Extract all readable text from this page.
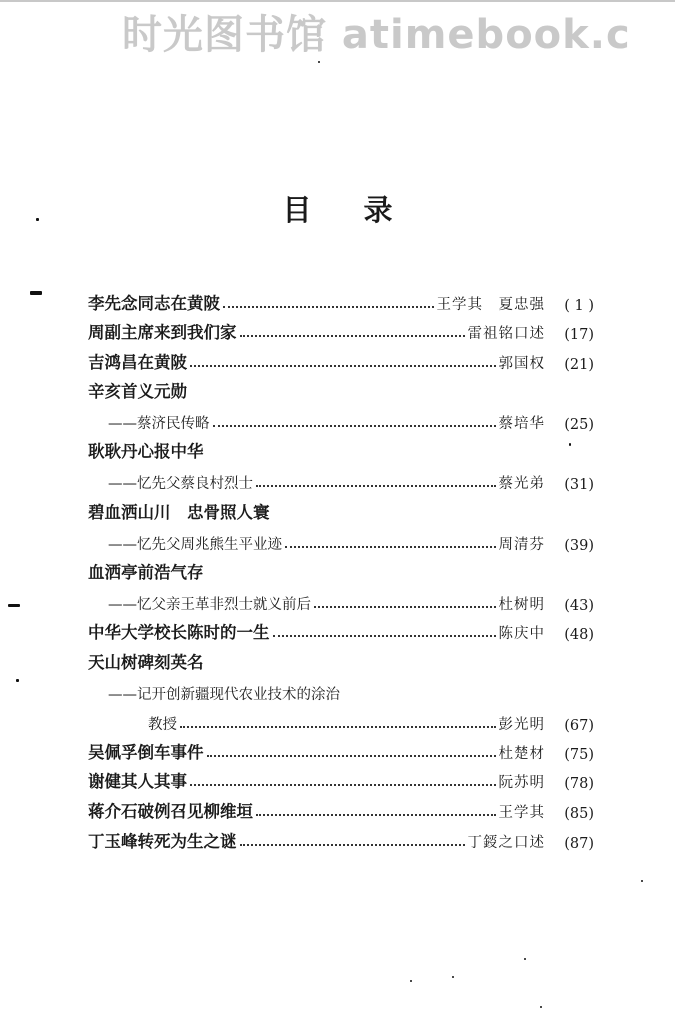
时光图书馆 atimebook.c
目录
李先念同志在黄陂	王学其　夏忠强	( 1 )
周副主席来到我们家	雷祖铭口述	(17)
吉鸿昌在黄陂	郭国权	(21)
辛亥首义元勋
——蔡济民传略	蔡培华	(25)
耿耿丹心报中华
——忆先父蔡良村烈士	蔡光弟	(31)
碧血洒山川　忠骨照人寰
——忆先父周兆熊生平业迹	周清芬	(39)
血洒亭前浩气存
——忆父亲王革非烈士就义前后	杜树明	(43)
中华大学校长陈时的一生	陈庆中	(48)
天山树碑刻英名
——记开创新疆现代农业技术的涂治
教授	彭光明	(67)
吴佩孚倒车事件	杜楚材	(75)
谢健其人其事	阮苏明	(78)
蒋介石破例召见柳维垣	王学其	(85)
丁玉峰转死为生之谜	丁鋄之口述	(87)
